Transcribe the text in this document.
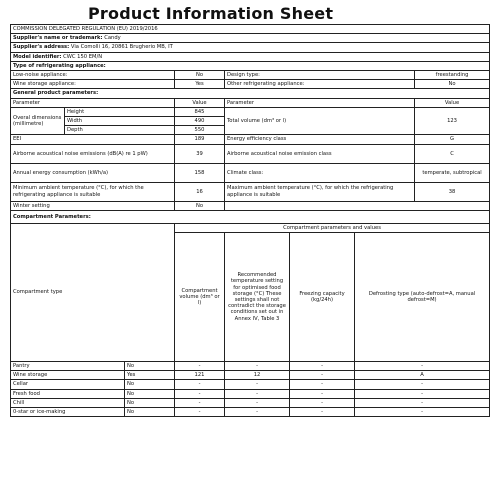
Product Information Sheet
COMMISSION DELEGATED REGULATION (EU) 2019/2016							
Supplier's name or trademark: Candy							
Supplier's address: Via Comolli 16, 20861 Brugherio MB, IT							
Model identifier: CWC 150 EM/N							
Type of refrigerating appliance:							
Low-noise appliance:			No	Design type:			freestanding
Wine storage appliance:			Yes	Other refrigerating appliance:			No
General product parameters:							
Parameter			Value	Parameter			Value
Overal dimensions (millimetre)	Height		845	Total volume (dm³ or l)			123
	Width		490				
	Depth		550				
EEI			189	Energy efficiency class			G
Airborne acoustical noise emissions (dB(A) re 1 pW)			39	Airborne acoustical noise emission class			C
Annual energy consumption (kWh/a)			158	Climate class:			temperate, subtropical
Minimum ambient temperature (°C), for which the refrigerating appliance is suitable			16	Maximum ambient temperature (°C), for which the refrigerating appliance is suitable			38
Winter setting			No				
Compartment Parameters:							
Compartment type			Compartment parameters and values				
			Compartment volume (dm³ or l)	Recommended temperature setting for optimised food storage (°C) These settings shall not contradict the storage conditions set out in Annex IV, Table 3	Freezing capacity (kg/24h)	Defrosting type (auto-defrost=A, manual defrost=M)	
Pantry		No	-	-	-	-	
Wine storage		Yes	121	12	-	A	
Cellar		No	-	-	-	-	
Fresh food		No	-	-	-	-	
Chill		No	-	-	-	-	
0-star or ice-making		No	-	-	-	-	
